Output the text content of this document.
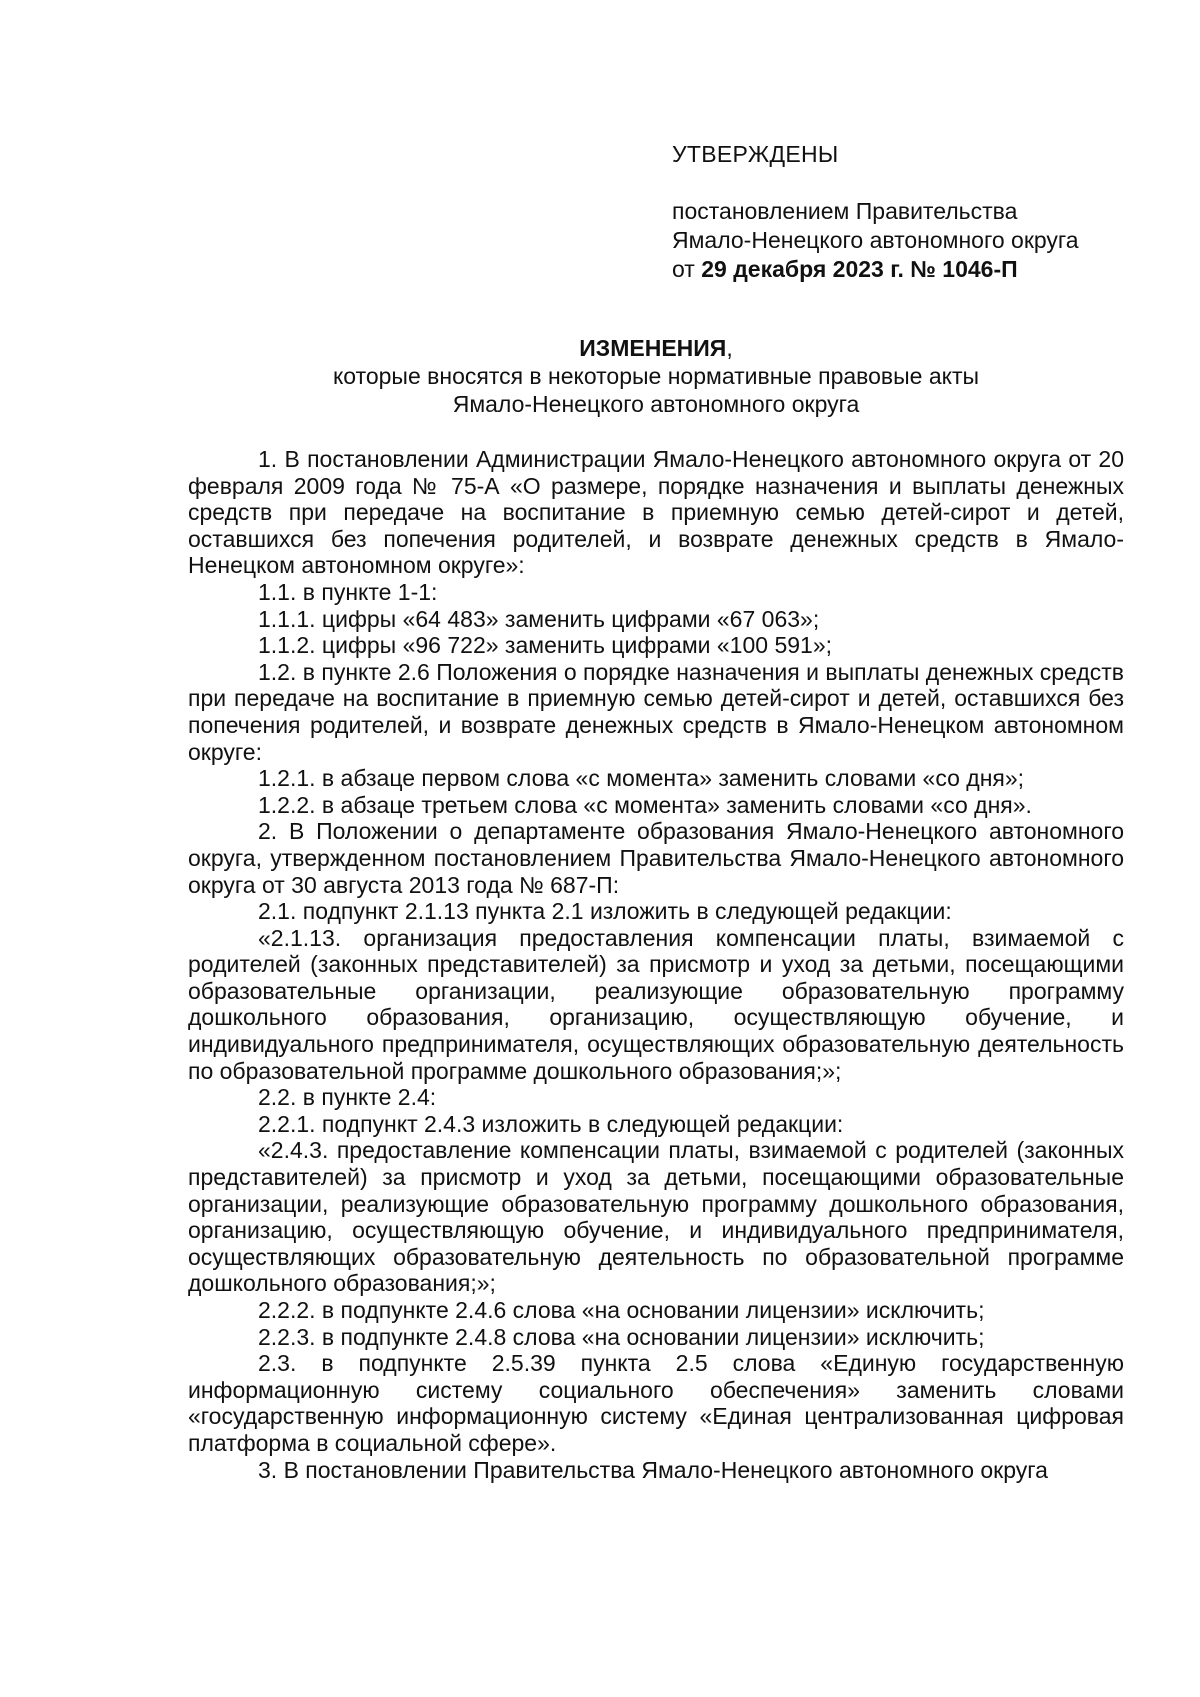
УТВЕРЖДЕНЫ
постановлением Правительства
Ямало-Ненецкого автономного округа
от 29 декабря 2023 г. № 1046-П
ИЗМЕНЕНИЯ,
которые вносятся в некоторые нормативные правовые акты
Ямало-Ненецкого автономного округа

1. В постановлении Администрации Ямало-Ненецкого автономного округа от 20 февраля 2009 года № 75-А «О размере, порядке назначения и выплаты денежных средств при передаче на воспитание в приемную семью детей-сирот и детей, оставшихся без попечения родителей, и возврате денежных средств в Ямало-Ненецком автономном округе»:

1.1. в пункте 1-1:

1.1.1. цифры «64 483» заменить цифрами «67 063»;

1.1.2. цифры «96 722» заменить цифрами «100 591»;

1.2. в пункте 2.6 Положения о порядке назначения и выплаты денежных средств при передаче на воспитание в приемную семью детей-сирот и детей, оставшихся без попечения родителей, и возврате денежных средств в Ямало-Ненецком автономном округе:

1.2.1. в абзаце первом слова «с момента» заменить словами «со дня»;

1.2.2. в абзаце третьем слова «с момента» заменить словами «со дня».

2. В Положении о департаменте образования Ямало-Ненецкого автономного округа, утвержденном постановлением Правительства Ямало-Ненецкого автономного округа от 30 августа 2013 года № 687-П:

2.1. подпункт 2.1.13 пункта 2.1 изложить в следующей редакции:

«2.1.13. организация предоставления компенсации платы, взимаемой с родителей (законных представителей) за присмотр и уход за детьми, посещающими образовательные организации, реализующие образовательную программу дошкольного образования, организацию, осуществляющую обучение, и индивидуального предпринимателя, осуществляющих образовательную деятельность по образовательной программе дошкольного образования;»;

2.2. в пункте 2.4:

2.2.1. подпункт 2.4.3 изложить в следующей редакции:

«2.4.3. предоставление компенсации платы, взимаемой с родителей (законных представителей) за присмотр и уход за детьми, посещающими образовательные организации, реализующие образовательную программу дошкольного образования, организацию, осуществляющую обучение, и индивидуального предпринимателя, осуществляющих образовательную деятельность по образовательной программе дошкольного образования;»;

2.2.2. в подпункте 2.4.6 слова «на основании лицензии» исключить;

2.2.3. в подпункте 2.4.8 слова «на основании лицензии» исключить;

2.3. в подпункте 2.5.39 пункта 2.5 слова «Единую государственную информационную систему социального обеспечения» заменить словами «государственную информационную систему «Единая централизованная цифровая платформа в социальной сфере».

3. В постановлении Правительства Ямало-Ненецкого автономного округа
